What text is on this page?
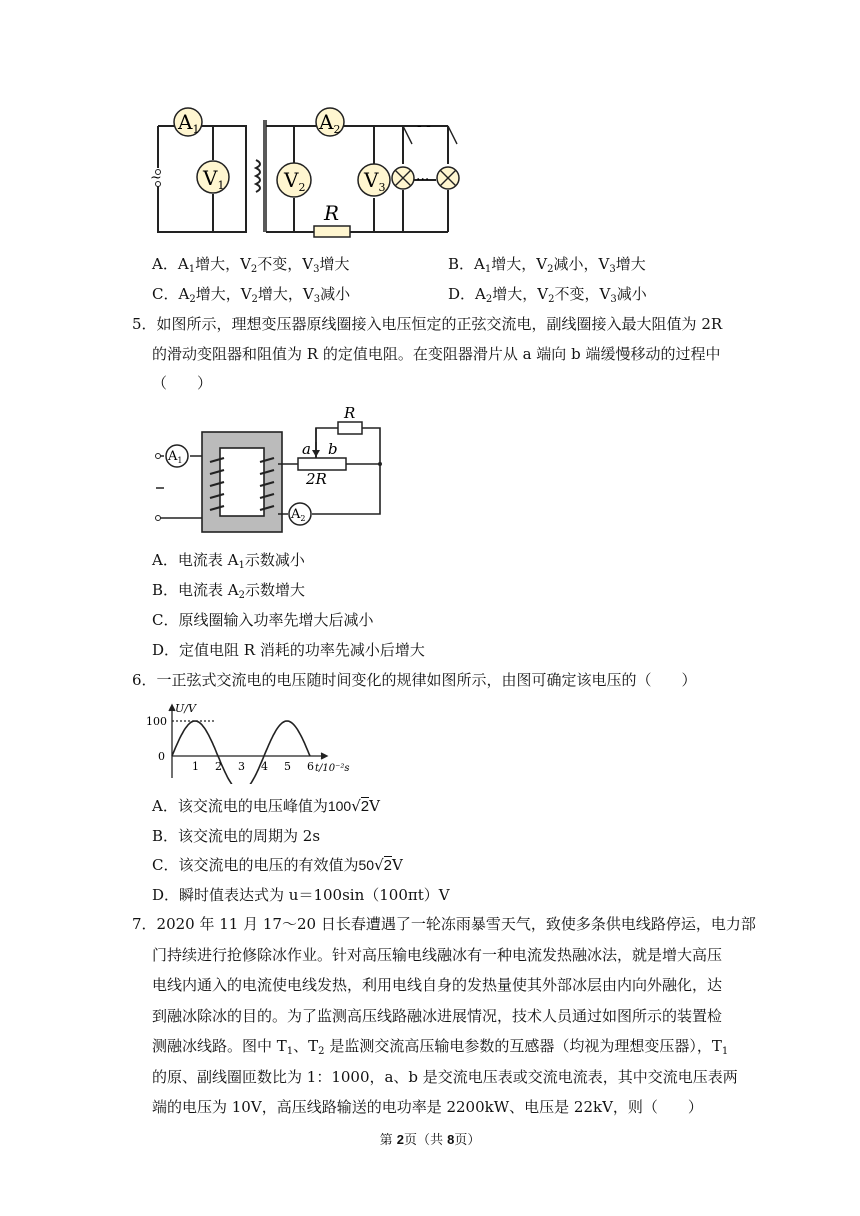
~
- -
···
R
$A_1$
$V_1$	$V_2$
$A_2$
$V_3$
A．$A_1$增大，$V_2$不变，$V_3$增大	B．$A_1$增大，$V_2$减小，$V_3$增大
C．$A_2$增大，$V_2$增大，$V_3$减小	D．$A_2$增大，$V_2$不变，$V_3$减小
5．如图所示，理想变压器原线圈接入电压恒定的正弦交流电，副线圈接入最大阻值为 2R
的滑动变阻器和阻值为 R 的定值电阻。在变阻器滑片从 a 端向 b 端缓慢移动的过程中
（　　）
$A_1$
$A_2$
R
a b
2R
A．电流表 $A_1$示数减小
B．电流表 $A_2$示数增大
C．原线圈输入功率先增大后减小
D．定值电阻 R 消耗的功率先减小后增大
6．一正弦式交流电的电压随时间变化的规律如图所示，由图可确定该电压的（　　）
1 2 3 4 5 6
U/V
100
0
t/10⁻²s
A．该交流电的电压峰值为100√2V
B．该交流电的周期为 2s
C．该交流电的电压的有效值为50√2V
D．瞬时值表达式为 u＝100sin（100πt）V
7．2020 年 11 月 17～20 日长春遭遇了一轮冻雨暴雪天气，致使多条供电线路停运，电力部
门持续进行抢修除冰作业。针对高压输电线融冰有一种电流发热融冰法，就是增大高压
电线内通入的电流使电线发热，利用电线自身的发热量使其外部冰层由内向外融化，达
到融冰除冰的目的。为了监测高压线路融冰进展情况，技术人员通过如图所示的装置检
测融冰线路。图中 $T_1$、$T_2$ 是监测交流高压输电参数的互感器（均视为理想变压器），$T_1$
的原、副线圈匝数比为 1：1000，a、b 是交流电压表或交流电流表，其中交流电压表两
端的电压为 10V，高压线路输送的电功率是 2200kW、电压是 22kV，则（　　）
第 2页（共 8页）
